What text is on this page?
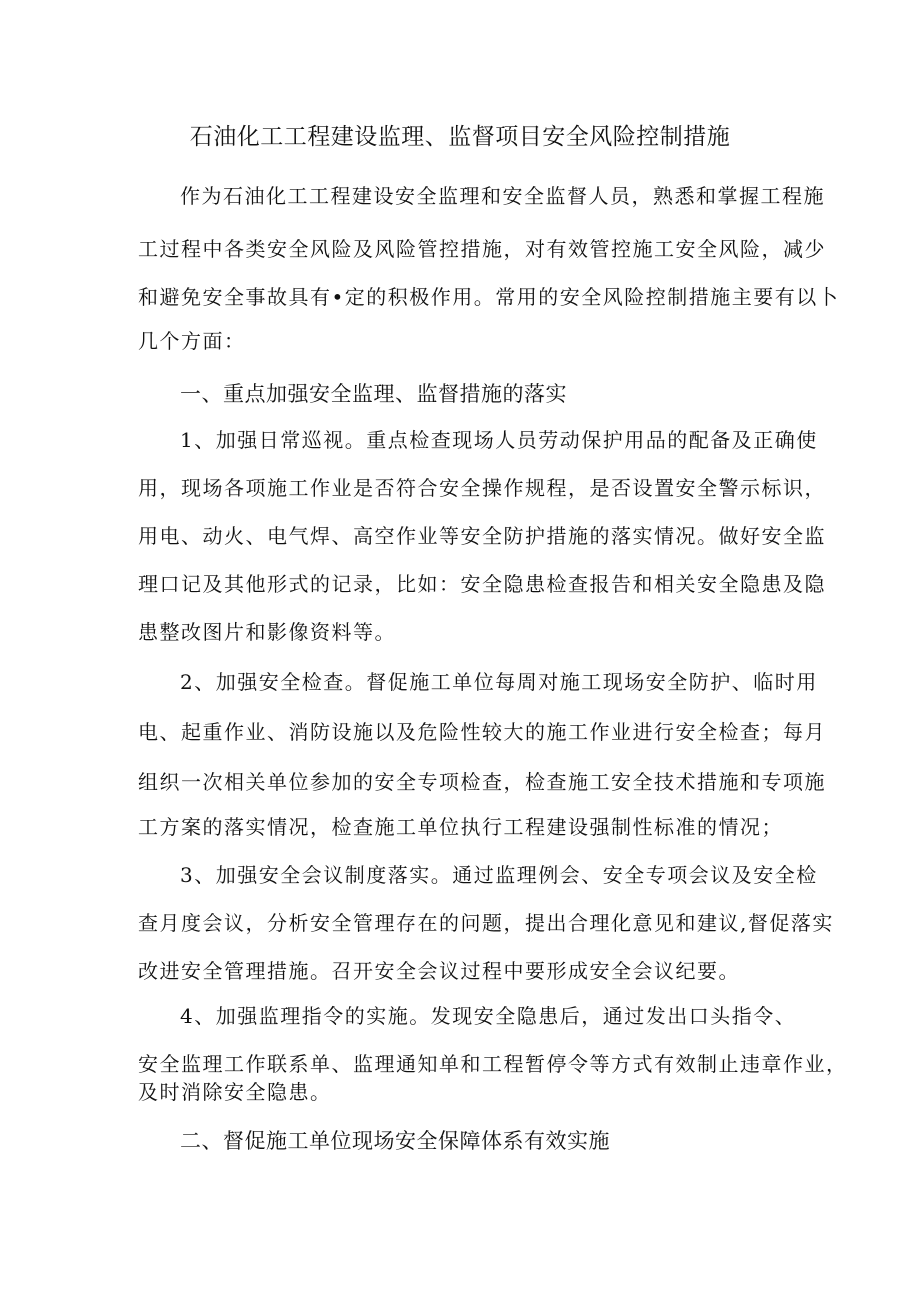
石油化工工程建设监理、监督项目安全风险控制措施
作为石油化工工程建设安全监理和安全监督人员，熟悉和掌握工程施
工过程中各类安全风险及风险管控措施，对有效管控施工安全风险，减少
和避免安全事故具有•定的积极作用。常用的安全风险控制措施主要有以卜
几个方面：
一、重点加强安全监理、监督措施的落实
1、加强日常巡视。重点检查现场人员劳动保护用品的配备及正确使
用，现场各项施工作业是否符合安全操作规程，是否设置安全警示标识，
用电、动火、电气焊、高空作业等安全防护措施的落实情况。做好安全监
理口记及其他形式的记录，比如：安全隐患检查报告和相关安全隐患及隐
患整改图片和影像资料等。
2、加强安全检查。督促施工单位每周对施工现场安全防护、临时用
电、起重作业、消防设施以及危险性较大的施工作业进行安全检查；每月
组织一次相关单位参加的安全专项检查，检查施工安全技术措施和专项施
工方案的落实情况，检查施工单位执行工程建设强制性标准的情况；
3、加强安全会议制度落实。通过监理例会、安全专项会议及安全检
查月度会议，分析安全管理存在的问题，提出合理化意见和建议,督促落实
改进安全管理措施。召开安全会议过程中要形成安全会议纪要。
4、加强监理指令的实施。发现安全隐患后，通过发出口头指令、
安全监理工作联系单、监理通知单和工程暂停令等方式有效制止违章作业，
及时消除安全隐患。
二、督促施工单位现场安全保障体系有效实施
